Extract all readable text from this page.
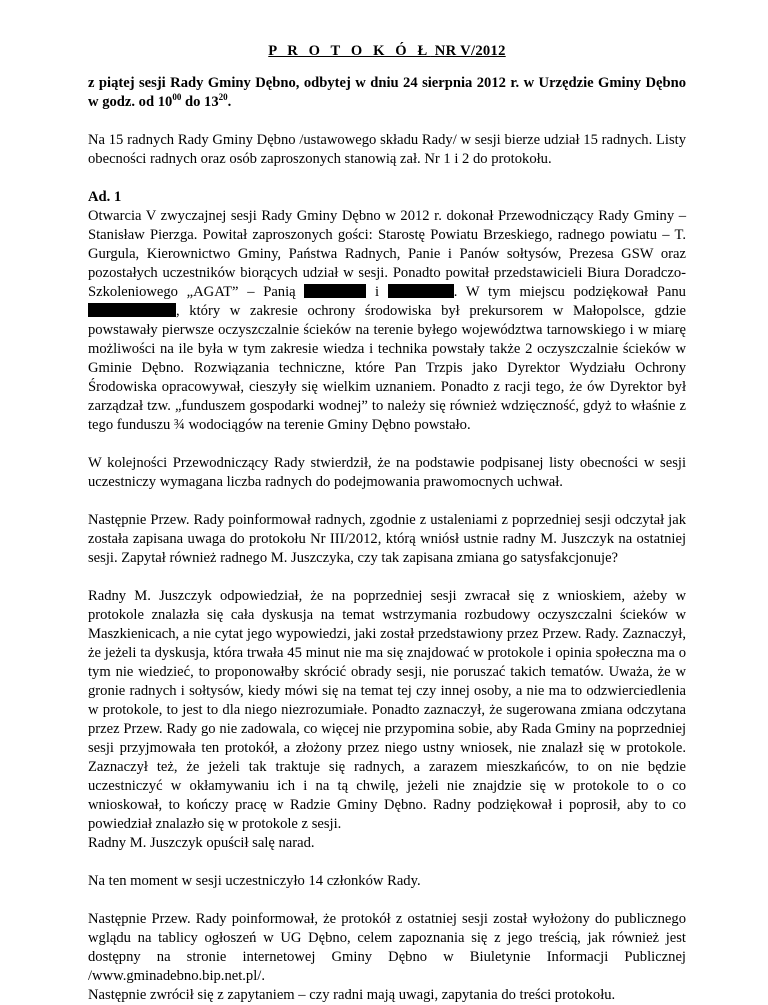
P R O T O K Ó Ł NR V/2012

z piątej sesji Rady Gminy Dębno, odbytej w dniu 24 sierpnia 2012 r. w Urzędzie Gminy Dębno w godz. od $10^{00}$ do $13^{20}$.

Na 15 radnych Rady Gminy Dębno /ustawowego składu Rady/ w sesji bierze udział 15 radnych. Listy obecności radnych oraz osób zaproszonych stanowią zał. Nr 1 i 2 do protokołu.

Ad. 1
Otwarcia V zwyczajnej sesji Rady Gminy Dębno w 2012 r. dokonał Przewodniczący Rady Gminy – Stanisław Pierzga. Powitał zaproszonych gości: Starostę Powiatu Brzeskiego, radnego powiatu – T. Gurgula, Kierownictwo Gminy, Państwa Radnych, Panie i Panów sołtysów, Prezesa GSW oraz pozostałych uczestników biorących udział w sesji. Ponadto powitał przedstawicieli Biura Doradczo-Szkoleniowego „AGAT” – Panią	i	. W tym miejscu podziękował Panu , który w zakresie ochrony środowiska był prekursorem w Małopolsce, gdzie powstawały pierwsze oczyszczalnie ścieków na terenie byłego województwa tarnowskiego i w miarę możliwości na ile była w tym zakresie wiedza i technika powstały także 2 oczyszczalnie ścieków w Gminie Dębno. Rozwiązania techniczne, które Pan Trzpis jako Dyrektor Wydziału Ochrony Środowiska opracowywał, cieszyły się wielkim uznaniem. Ponadto z racji tego, że ów Dyrektor był zarządzał tzw. „funduszem gospodarki wodnej” to należy się również wdzięczność, gdyż to właśnie z tego funduszu ¾ wodociągów na terenie Gminy Dębno powstało.

W kolejności Przewodniczący Rady stwierdził, że na podstawie podpisanej listy obecności w sesji uczestniczy wymagana liczba radnych do podejmowania prawomocnych uchwał.

Następnie Przew. Rady poinformował radnych, zgodnie z ustaleniami z poprzedniej sesji odczytał jak została zapisana uwaga do protokołu Nr III/2012, którą wniósł ustnie radny M. Juszczyk na ostatniej sesji. Zapytał również radnego M. Juszczyka, czy tak zapisana zmiana go satysfakcjonuje?

Radny M. Juszczyk odpowiedział, że na poprzedniej sesji zwracał się z wnioskiem, ażeby w protokole znalazła się cała dyskusja na temat wstrzymania rozbudowy oczyszczalni ścieków w Maszkienicach, a nie cytat jego wypowiedzi, jaki został przedstawiony przez Przew. Rady. Zaznaczył, że jeżeli ta dyskusja, która trwała 45 minut nie ma się znajdować w protokole i opinia społeczna ma o tym nie wiedzieć, to proponowałby skrócić obrady sesji, nie poruszać takich tematów. Uważa, że w gronie radnych i sołtysów, kiedy mówi się na temat tej czy innej osoby, a nie ma to odzwierciedlenia w protokole, to jest to dla niego niezrozumiałe. Ponadto zaznaczył, że sugerowana zmiana odczytana przez Przew. Rady go nie zadowala, co więcej nie przypomina sobie, aby Rada Gminy na poprzedniej sesji przyjmowała ten protokół, a złożony przez niego ustny wniosek, nie znalazł się w protokole. Zaznaczył też, że jeżeli tak traktuje się radnych, a zarazem mieszkańców, to on nie będzie uczestniczyć w okłamywaniu ich i na tą chwilę, jeżeli nie znajdzie się w protokole to o co wnioskował, to kończy pracę w Radzie Gminy Dębno. Radny podziękował i poprosił, aby to co powiedział znalazło się w protokole z sesji.
Radny M. Juszczyk opuścił salę narad.

Na ten moment w sesji uczestniczyło 14 członków Rady.

Następnie Przew. Rady poinformował, że protokół z ostatniej sesji został wyłożony do publicznego wglądu na tablicy ogłoszeń w UG Dębno, celem zapoznania się z jego treścią, jak również jest dostępny na stronie internetowej Gminy Dębno w Biuletynie Informacji Publicznej /www.gminadebno.bip.net.pl/.
Następnie zwrócił się z zapytaniem – czy radni mają uwagi, zapytania do treści protokołu.
